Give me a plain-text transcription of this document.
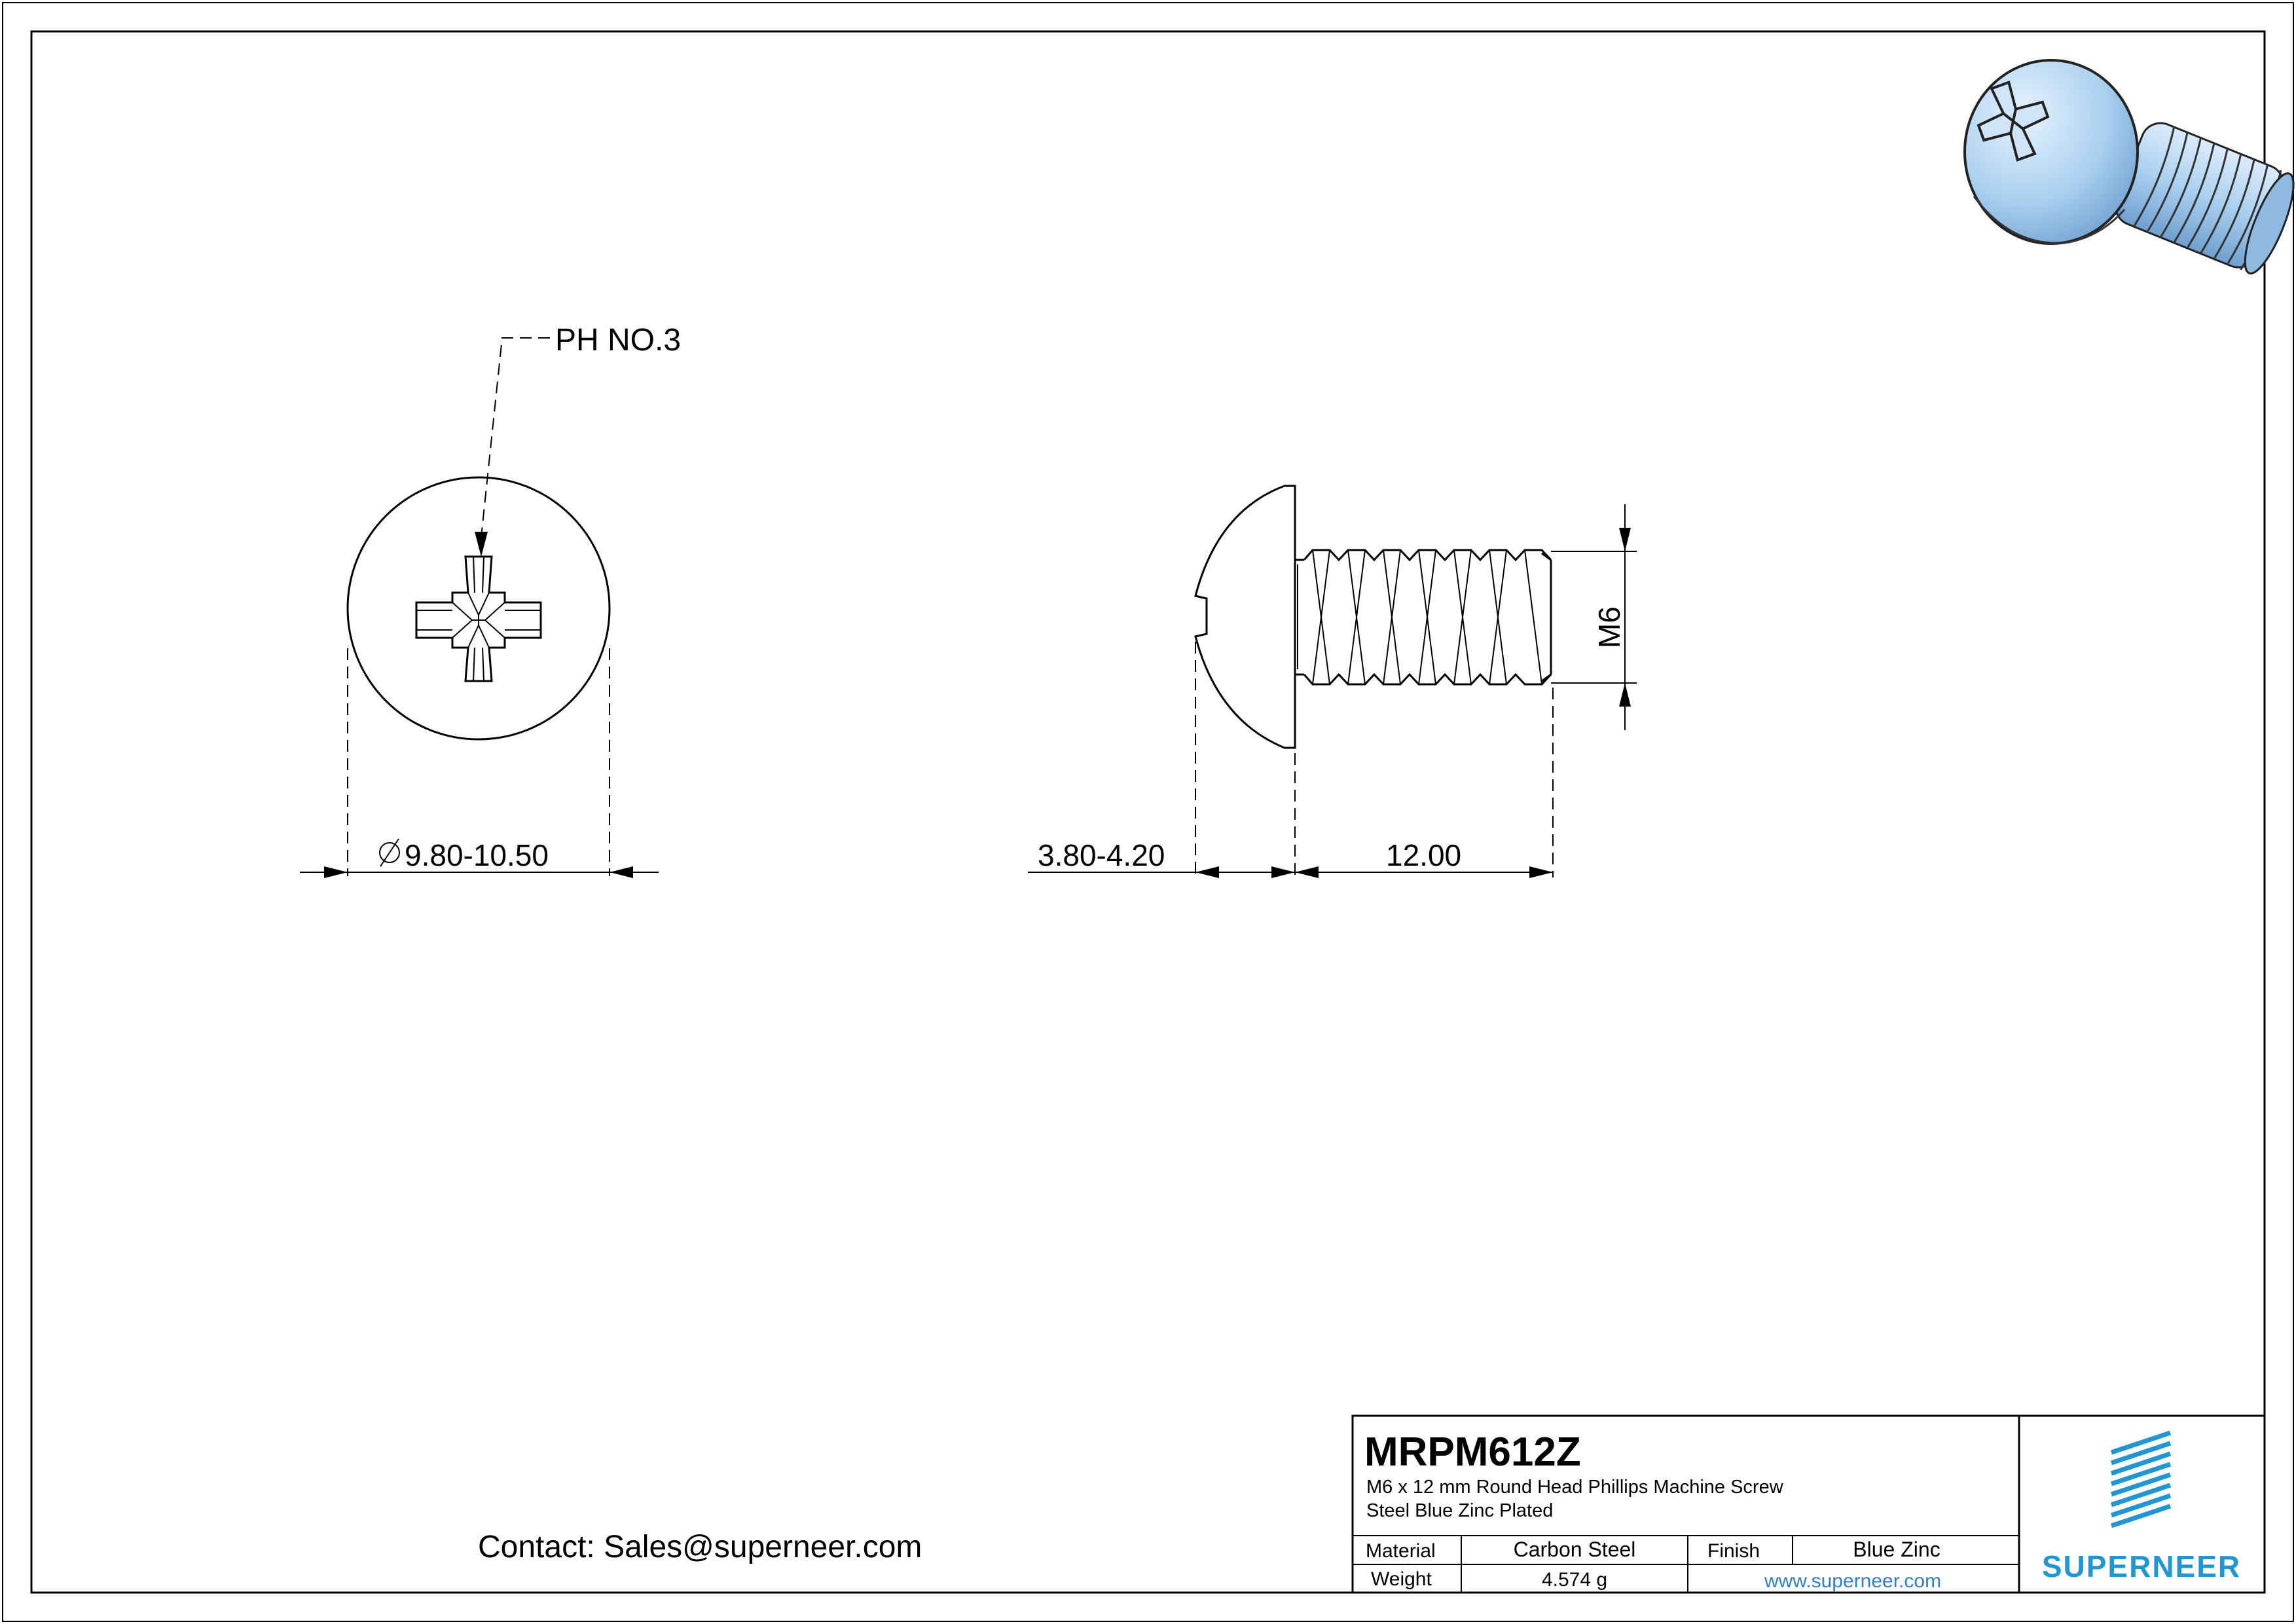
PH NO.3
9.80-10.50
M6
3.80-4.20	12.00
Contact: Sales@superneer.com
MRPM612Z
M6 x 12 mm Round Head Phillips Machine Screw
Steel Blue Zinc Plated
Material	Carbon Steel	Finish	Blue Zinc
Weight	4.574 g	www.superneer.com	SUPERNEER
